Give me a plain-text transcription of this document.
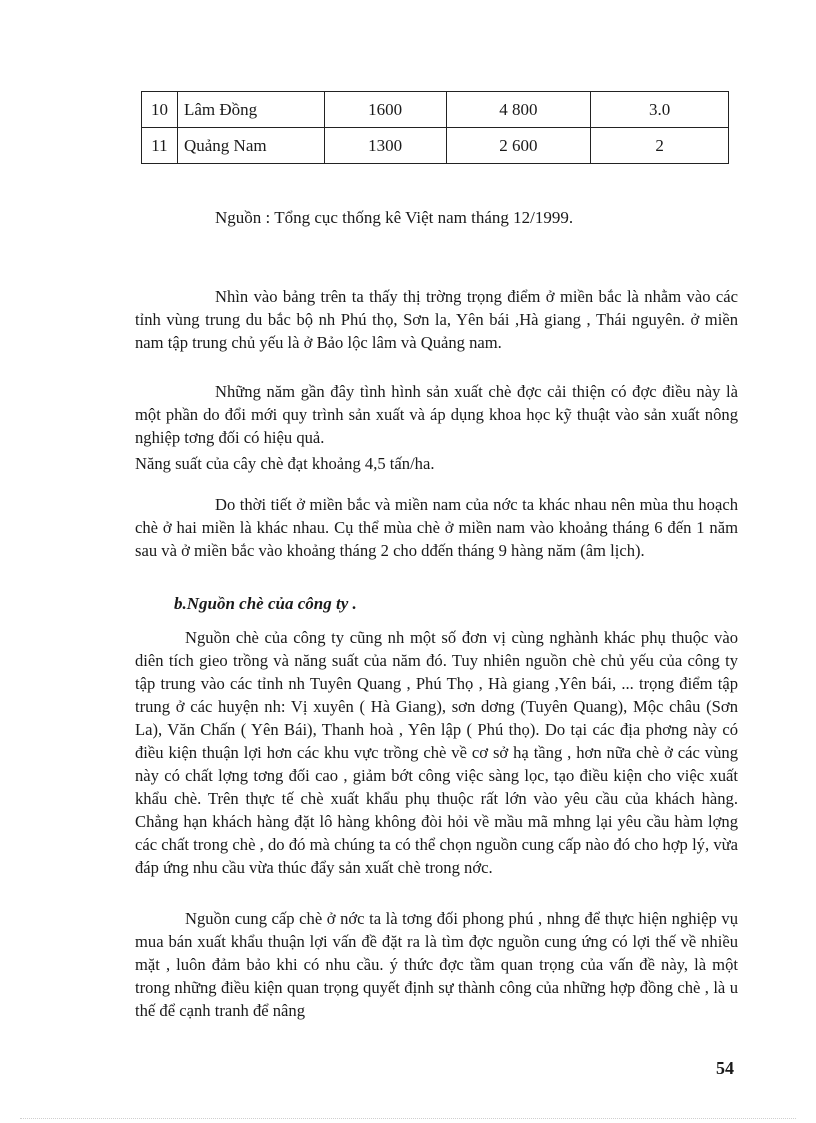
10	Lâm Đồng	1600	4 800	3.0
11	Quảng Nam	1300	2 600	2
Nguồn : Tổng cục thống kê Việt nam tháng 12/1999.

Nhìn vào bảng trên ta thấy thị trờng trọng điểm ở miền bắc là nhằm vào các tỉnh vùng trung du bắc bộ nh Phú thọ, Sơn la, Yên bái ,Hà giang , Thái nguyên. ở miền nam tập trung chủ yếu là ở Bảo lộc lâm và Quảng nam.

Những năm gần đây tình hình sản xuất chè đợc cải thiện có đợc điều này là một phần do đổi mới quy trình sản xuất và áp dụng khoa học kỹ thuật vào sản xuất nông nghiệp tơng đối có hiệu quả.

Năng suất của cây chè đạt khoảng 4,5 tấn/ha.

Do thời tiết ở miền bắc và miền nam của nớc ta khác nhau nên mùa thu hoạch chè ở hai miền là khác nhau. Cụ thể mùa chè ở miền nam vào khoảng tháng 6 đến 1 năm sau và ở miền bắc vào khoảng tháng 2 cho dđến tháng 9 hàng năm (âm lịch).

b.Nguồn chè của công ty .

Nguồn chè của công ty cũng nh một số đơn vị cùng nghành khác phụ thuộc vào diên tích gieo trồng và năng suất của năm đó. Tuy nhiên nguồn chè chủ yếu của công ty tập trung vào các tỉnh nh Tuyên Quang , Phú Thọ , Hà giang ,Yên bái, ... trọng điểm tập trung ở các huyện nh: Vị xuyên ( Hà Giang), sơn dơng (Tuyên Quang), Mộc châu (Sơn La), Văn Chấn ( Yên Bái), Thanh hoà , Yên lập ( Phú thọ). Do tại các địa phơng này có điều kiện thuận lợi hơn các khu vực trồng chè về cơ sở hạ tầng , hơn nữa chè ở các vùng này có chất lợng tơng đối cao , giảm bớt công việc sàng lọc, tạo điều kiện cho việc xuất khẩu chè. Trên thực tế chè xuất khẩu phụ thuộc rất lớn vào yêu cầu của khách hàng. Chẳng hạn khách hàng đặt lô hàng không đòi hỏi về mầu mã mhng lại yêu cầu hàm lợng các chất trong chè , do đó mà chúng ta có thể chọn nguồn cung cấp nào đó cho hợp lý, vừa đáp ứng nhu cầu vừa thúc đẩy sản xuất chè trong nớc.

Nguồn cung cấp chè ở nớc ta là tơng đối phong phú , nhng để thực hiện nghiệp vụ mua bán xuất khẩu thuận lợi vấn đề đặt ra là tìm đợc nguồn cung ứng có lợi thế về nhiều mặt , luôn đảm bảo khi có nhu cầu. ý thức đợc tầm quan trọng của vấn đề này, là một trong những điều kiện quan trọng quyết định sự thành công của những hợp đồng chè , là u thế để cạnh tranh để nâng

54
